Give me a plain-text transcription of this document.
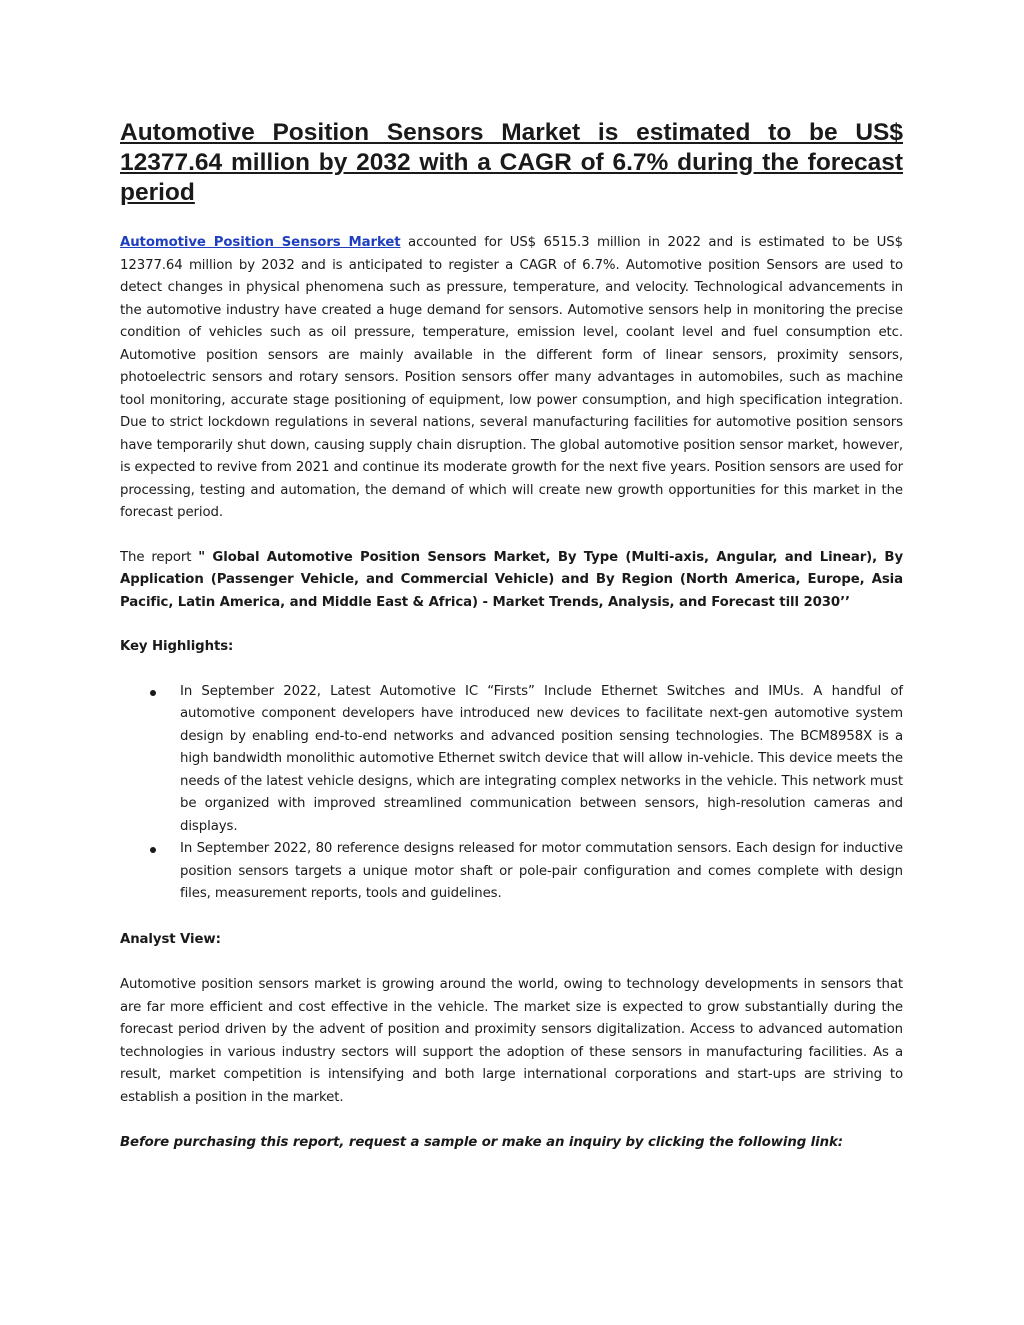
Automotive Position Sensors Market is estimated to be US$ 12377.64 million by 2032 with a CAGR of 6.7% during the forecast period

Automotive Position Sensors Market accounted for US$ 6515.3 million in 2022 and is estimated to be US$ 12377.64 million by 2032 and is anticipated to register a CAGR of 6.7%. Automotive position Sensors are used to detect changes in physical phenomena such as pressure, temperature, and velocity. Technological advancements in the automotive industry have created a huge demand for sensors. Automotive sensors help in monitoring the precise condition of vehicles such as oil pressure, temperature, emission level, coolant level and fuel consumption etc. Automotive position sensors are mainly available in the different form of linear sensors, proximity sensors, photoelectric sensors and rotary sensors. Position sensors offer many advantages in automobiles, such as machine tool monitoring, accurate stage positioning of equipment, low power consumption, and high specification integration. Due to strict lockdown regulations in several nations, several manufacturing facilities for automotive position sensors have temporarily shut down, causing supply chain disruption. The global automotive position sensor market, however, is expected to revive from 2021 and continue its moderate growth for the next five years. Position sensors are used for processing, testing and automation, the demand of which will create new growth opportunities for this market in the forecast period.

The report " Global Automotive Position Sensors Market, By Type (Multi-axis, Angular, and Linear), By Application (Passenger Vehicle, and Commercial Vehicle) and By Region (North America, Europe, Asia Pacific, Latin America, and Middle East & Africa) - Market Trends, Analysis, and Forecast till 2030’’

Key Highlights:

In September 2022, Latest Automotive IC “Firsts” Include Ethernet Switches and IMUs. A handful of automotive component developers have introduced new devices to facilitate next-gen automotive system design by enabling end-to-end networks and advanced position sensing technologies. The BCM8958X is a high bandwidth monolithic automotive Ethernet switch device that will allow in-vehicle. This device meets the needs of the latest vehicle designs, which are integrating complex networks in the vehicle. This network must be organized with improved streamlined communication between sensors, high-resolution cameras and displays.
In September 2022, 80 reference designs released for motor commutation sensors. Each design for inductive position sensors targets a unique motor shaft or pole-pair configuration and comes complete with design files, measurement reports, tools and guidelines.

Analyst View:

Automotive position sensors market is growing around the world, owing to technology developments in sensors that are far more efficient and cost effective in the vehicle. The market size is expected to grow substantially during the forecast period driven by the advent of position and proximity sensors digitalization. Access to advanced automation technologies in various industry sectors will support the adoption of these sensors in manufacturing facilities. As a result, market competition is intensifying and both large international corporations and start-ups are striving to establish a position in the market.

Before purchasing this report, request a sample or make an inquiry by clicking the following link:
